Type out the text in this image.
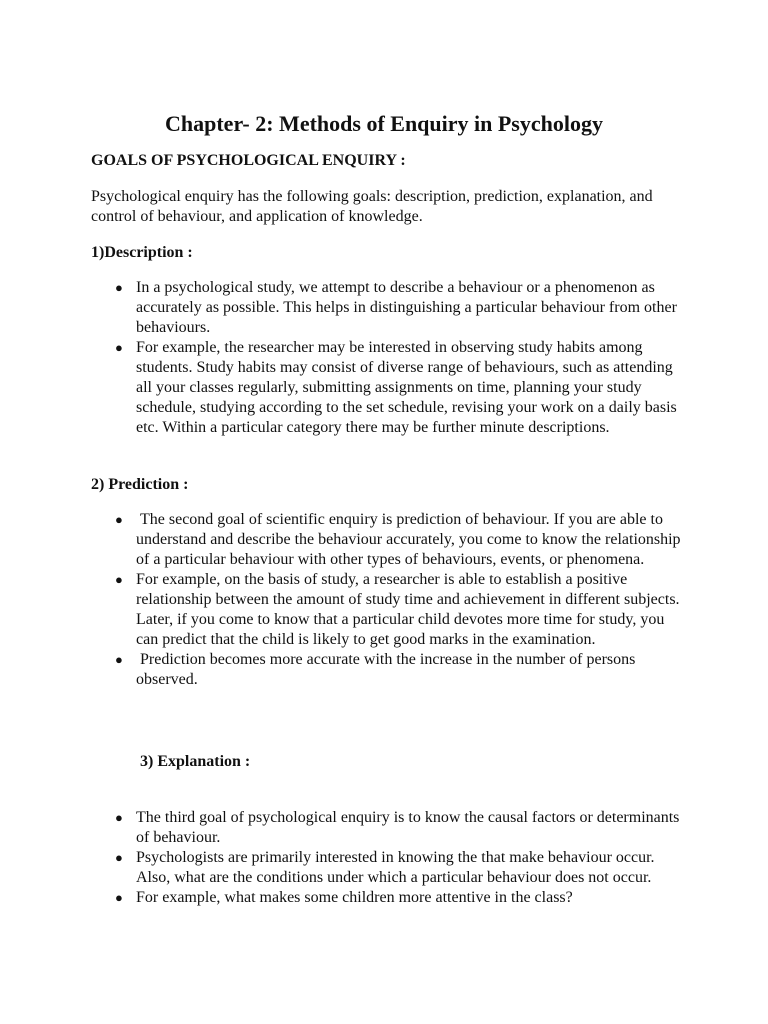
Chapter- 2: Methods of Enquiry in Psychology

GOALS OF PSYCHOLOGICAL ENQUIRY :

Psychological enquiry has the following goals: description, prediction, explanation, and control of behaviour, and application of knowledge.

1)Description :

● In a psychological study, we attempt to describe a behaviour or a phenomenon as accurately as possible. This helps in distinguishing a particular behaviour from other behaviours.
● For example, the researcher may be interested in observing study habits among students. Study habits may consist of diverse range of behaviours, such as attending all your classes regularly, submitting assignments on time, planning your study schedule, studying according to the set schedule, revising your work on a daily basis etc. Within a particular category there may be further minute descriptions.

2) Prediction :

● The second goal of scientific enquiry is prediction of behaviour. If you are able to understand and describe the behaviour accurately, you come to know the relationship of a particular behaviour with other types of behaviours, events, or phenomena.
● For example, on the basis of study, a researcher is able to establish a positive relationship between the amount of study time and achievement in different subjects. Later, if you come to know that a particular child devotes more time for study, you can predict that the child is likely to get good marks in the examination.
● Prediction becomes more accurate with the increase in the number of persons observed.

3) Explanation :

● The third goal of psychological enquiry is to know the causal factors or determinants of behaviour.
● Psychologists are primarily interested in knowing the that make behaviour occur. Also, what are the conditions under which a particular behaviour does not occur.
● For example, what makes some children more attentive in the class?
